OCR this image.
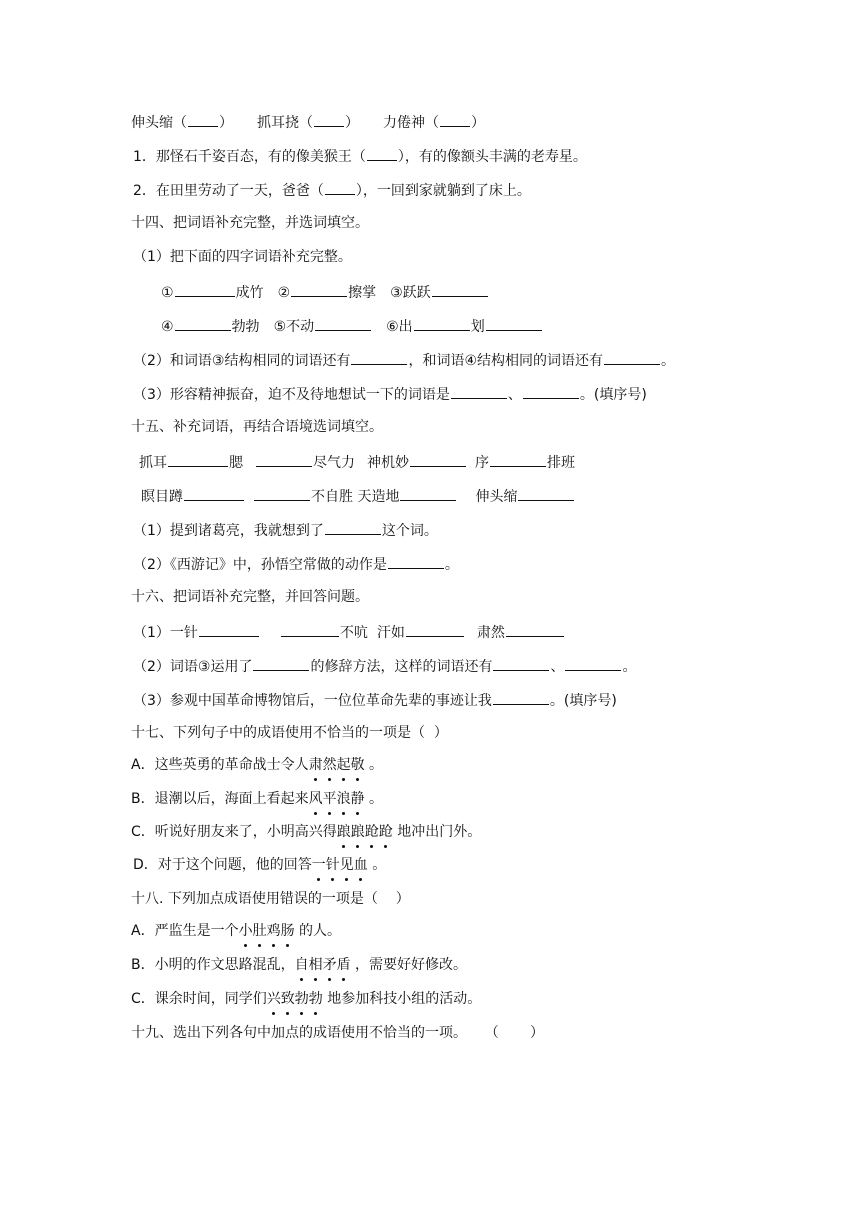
伸头缩（ ） 抓耳挠（ ） 力倦神（ ）
1．那怪石千姿百态，有的像美猴王（ ），有的像额头丰满的老寿星。
2．在田里劳动了一天，爸爸（ ），一回到家就躺到了床上。
十四、把词语补充完整，并选词填空。
（1）把下面的四字词语补充完整。
①	成竹 ②	擦掌 ③跃跃
④	勃勃 ⑤不动	⑥出	划
（2）和词语③结构相同的词语还有	，和词语④结构相同的词语还有	。
（3）形容精神振奋，迫不及待地想试一下的词语是	、	。(填序号)
十五、补充词语，再结合语境选词填空。
抓耳	腮	尽气力 神机妙	序	排班
瞑目蹲	不自胜 天造地	伸头缩
（1）提到诸葛亮，我就想到了	这个词。
（2）《西游记》中，孙悟空常做的动作是	。
十六、把词语补充完整，并回答问题。
（1）一针	不吭  汗如	肃然
（2）词语③运用了	的修辞方法，这样的词语还有	、	。
（3）参观中国革命博物馆后，一位位革命先辈的事迹让我	。(填序号)
十七、下列句子中的成语使用不恰当的一项是（  ）
A．这些英勇的革命战士令人肃然起敬 。
B．退潮以后，海面上看起来风平浪静 。
C．听说好朋友来了，小明高兴得踉踉跄跄 地冲出门外。
D．对于这个问题，他的回答一针见血 。
十八. 下列加点成语使用错误的一项是（    ）
A．严监生是一个小肚鸡肠 的人。
B．小明的作文思路混乱，自相矛盾 ，需要好好修改。
C．课余时间，同学们兴致勃勃 地参加科技小组的活动。
十九、选出下列各句中加点的成语使用不恰当的一项。    （       ）
